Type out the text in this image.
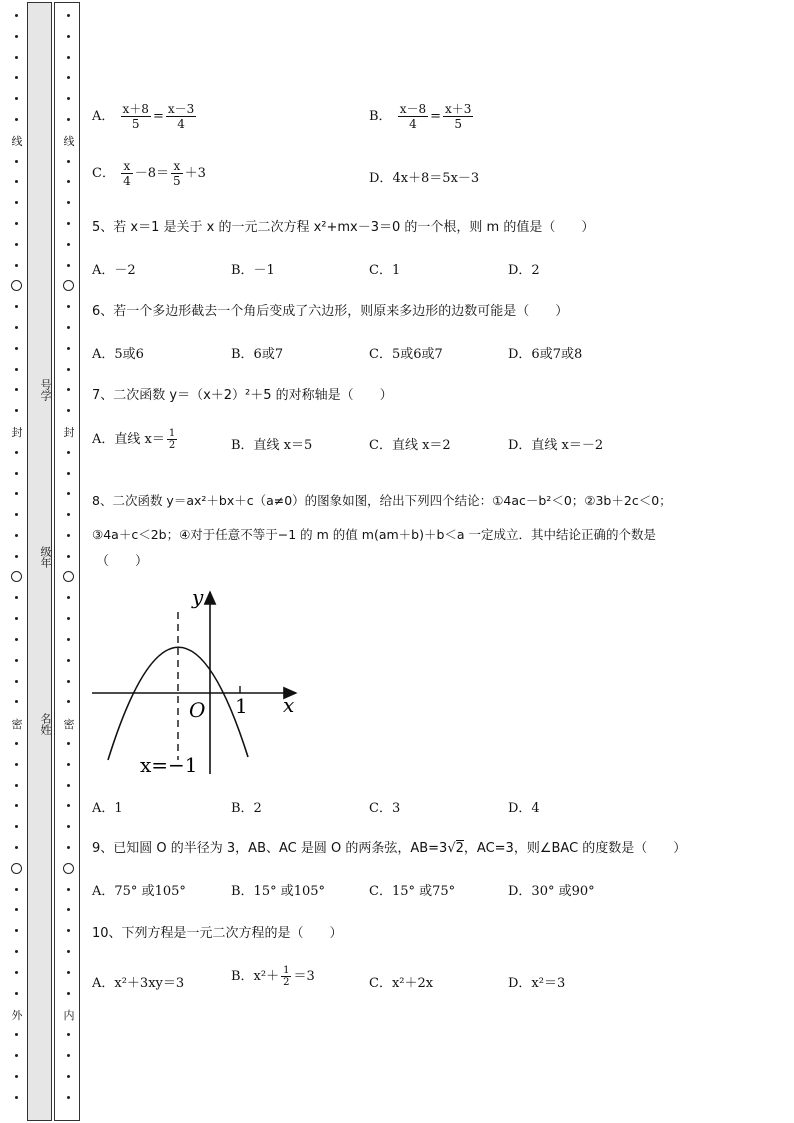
线
封
密
外
号学
级年
名姓
线
封
密
内
A． $\frac{x+8}{5} = \frac{x-3}{4}$	B． $\frac{x-8}{4} = \frac{x+3}{5}$
C． $\frac{x}{4} -8= \frac{x}{5} +3$	D．4x＋8＝5x－3
5、若 x＝1 是关于 x 的一元二次方程 x²+mx－3＝0 的一个根，则 m 的值是（　　）
A．－2	B．－1	C．1	D．2
6、若一个多边形截去一个角后变成了六边形，则原来多边形的边数可能是（　　）
A．5或6	B．6或7	C．5或6或7	D．6或7或8
7、二次函数 y＝（x＋2）²＋5 的对称轴是（　　）
A．直线 $x= \frac{1}{2}$	B．直线 x＝5	C．直线 x＝2	D．直线 x＝－2
8、二次函数 y＝ax²＋bx＋c（a≠0）的图象如图，给出下列四个结论：①4ac－b²＜0；②3b＋2c＜0；
③4a＋c＜2b；④对于任意不等于−1 的 m 的值 m(am＋b)＋b＜a 一定成立．其中结论正确的个数是
（　　）
y
x
O 1
x=−1
A．1	B．2	C．3	D．4
9、已知圆 O 的半径为 3，AB、AC 是圆 O 的两条弦，AB=3√2，AC=3，则∠BAC 的度数是（　　）
A．75° 或105°	B．15° 或105°	C．15° 或75°	D．30° 或90°
10、下列方程是一元二次方程的是（　　）
A．x²＋3xy＝3	B．$x^2+ \frac{1}{2} =3$	C．x²＋2x	D．x²＝3
